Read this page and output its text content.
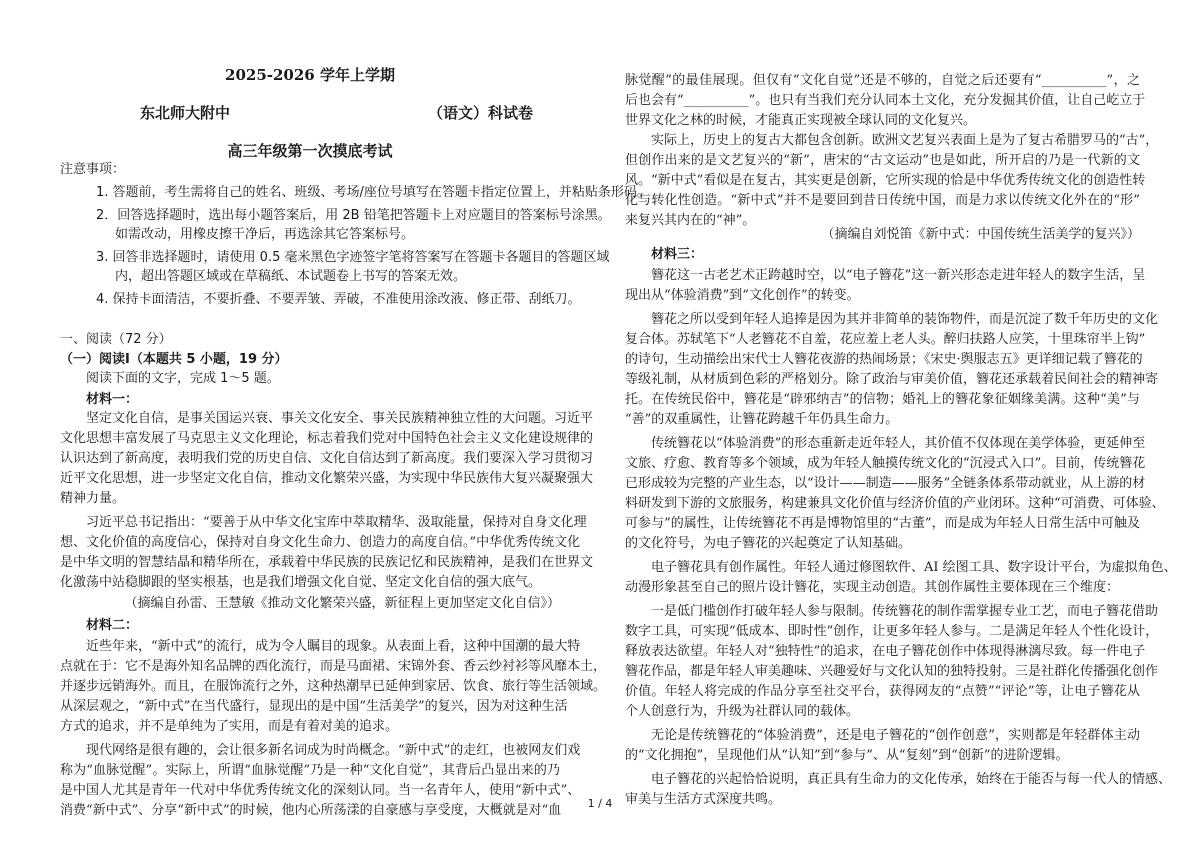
2025-2026 学年上学期
东北师大附中	（语文）科试卷
高三年级第一次摸底考试
注意事项：
1. 答题前，考生需将自己的姓名、班级、考场/座位号填写在答题卡指定位置上，并粘贴条形码。
2．回答选择题时，选出每小题答案后，用 2B 铅笔把答题卡上对应题目的答案标号涂黑。
如需改动，用橡皮擦干净后，再选涂其它答案标号。
3. 回答非选择题时，请使用 0.5 毫米黑色字迹签字笔将答案写在答题卡各题目的答题区域
内，超出答题区域或在草稿纸、本试题卷上书写的答案无效。
4. 保持卡面清洁，不要折叠、不要弄皱、弄破，不准使用涂改液、修正带、刮纸刀。
一、阅读（72 分）
（一）阅读Ⅰ（本题共 5 小题，19 分）
阅读下面的文字，完成 1～5 题。
材料一：
坚定文化自信，是事关国运兴衰、事关文化安全、事关民族精神独立性的大问题。习近平
文化思想丰富发展了马克思主义文化理论，标志着我们党对中国特色社会主义文化建设规律的
认识达到了新高度，表明我们党的历史自信、文化自信达到了新高度。我们要深入学习贯彻习
近平文化思想，进一步坚定文化自信，推动文化繁荣兴盛，为实现中华民族伟大复兴凝聚强大
精神力量。
习近平总书记指出：“要善于从中华文化宝库中萃取精华、汲取能量，保持对自身文化理
想、文化价值的高度信心，保持对自身文化生命力、创造力的高度自信。”中华优秀传统文化
是中华文明的智慧结晶和精华所在，承载着中华民族的民族记忆和民族精神，是我们在世界文
化激荡中站稳脚跟的坚实根基，也是我们增强文化自觉、坚定文化自信的强大底气。
（摘编自孙雷、王慧敏《推动文化繁荣兴盛，新征程上更加坚定文化自信》）
材料二：
近些年来，“新中式”的流行，成为令人瞩目的现象。从表面上看，这种中国潮的最大特
点就在于：它不是海外知名品牌的西化流行，而是马面裙、宋锦外套、香云纱衬衫等风靡本土，
并逐步远销海外。而且，在服饰流行之外，这种热潮早已延伸到家居、饮食、旅行等生活领域。
从深层观之，“新中式”在当代盛行，显现出的是中国“生活美学”的复兴，因为对这种生活
方式的追求，并不是单纯为了实用，而是有着对美的追求。
现代网络是很有趣的，会让很多新名词成为时尚概念。“新中式”的走红，也被网友们戏
称为“血脉觉醒”。实际上，所谓“血脉觉醒”乃是一种“文化自觉”，其背后凸显出来的乃
是中国人尤其是青年一代对中华优秀传统文化的深刻认同。当一名青年人，使用“新中式”、
消费“新中式”、分享“新中式”的时候，他内心所荡漾的自豪感与享受度，大概就是对“血
脉觉醒”的最佳展现。但仅有“文化自觉”还是不够的，自觉之后还要有“__________”，之
后也会有“__________”。也只有当我们充分认同本土文化，充分发掘其价值，让自己屹立于
世界文化之林的时候，才能真正实现被全球认同的文化复兴。
实际上，历史上的复古大都包含创新。欧洲文艺复兴表面上是为了复古希腊罗马的“古”，
但创作出来的是文艺复兴的“新”，唐宋的“古文运动”也是如此，所开启的乃是一代新的文
风。“新中式”看似是在复古，其实更是创新，它所实现的恰是中华优秀传统文化的创造性转
化与转化性创造。“新中式”并不是要回到昔日传统中国，而是力求以传统文化外在的“形”
来复兴其内在的“神”。
（摘编自刘悦笛《新中式：中国传统生活美学的复兴》）
材料三：
簪花这一古老艺术正跨越时空，以“电子簪花”这一新兴形态走进年轻人的数字生活，呈
现出从“体验消费”到“文化创作”的转变。
簪花之所以受到年轻人追捧是因为其并非简单的装饰物件，而是沉淀了数千年历史的文化
复合体。苏轼笔下“人老簪花不自羞，花应羞上老人头。醉归扶路人应笑，十里珠帘半上钩”
的诗句，生动描绘出宋代士人簪花夜游的热闹场景；《宋史·舆服志五》更详细记载了簪花的
等级礼制，从材质到色彩的严格划分。除了政治与审美价值，簪花还承载着民间社会的精神寄
托。在传统民俗中，簪花是“辟邪纳吉”的信物；婚礼上的簪花象征姻缘美满。这种“美”与
“善”的双重属性，让簪花跨越千年仍具生命力。
传统簪花以“体验消费”的形态重新走近年轻人，其价值不仅体现在美学体验，更延伸至
文旅、疗愈、教育等多个领域，成为年轻人触摸传统文化的“沉浸式入口”。目前，传统簪花
已形成较为完整的产业生态，以“设计——制造——服务”全链条体系带动就业，从上游的材
料研发到下游的文旅服务，构建兼具文化价值与经济价值的产业闭环。这种“可消费、可体验、
可参与”的属性，让传统簪花不再是博物馆里的“古董”，而是成为年轻人日常生活中可触及
的文化符号，为电子簪花的兴起奠定了认知基础。
电子簪花具有创作属性。年轻人通过修图软件、AI 绘图工具、数字设计平台，为虚拟角色、
动漫形象甚至自己的照片设计簪花，实现主动创造。其创作属性主要体现在三个维度：
一是低门槛创作打破年轻人参与限制。传统簪花的制作需掌握专业工艺，而电子簪花借助
数字工具，可实现“低成本、即时性”创作，让更多年轻人参与。二是满足年轻人个性化设计，
释放表达欲望。年轻人对“独特性”的追求，在电子簪花创作中体现得淋漓尽致。每一件电子
簪花作品，都是年轻人审美趣味、兴趣爱好与文化认知的独特投射。三是社群化传播强化创作
价值。年轻人将完成的作品分享至社交平台，获得网友的“点赞”“评论”等，让电子簪花从
个人创意行为，升级为社群认同的载体。
无论是传统簪花的“体验消费”，还是电子簪花的“创作创意”，实则都是年轻群体主动
的“文化拥抱”，呈现他们从“认知”到“参与”、从“复刻”到“创新”的进阶逻辑。
电子簪花的兴起恰恰说明，真正具有生命力的文化传承，始终在于能否与每一代人的情感、
审美与生活方式深度共鸣。
1 / 4
